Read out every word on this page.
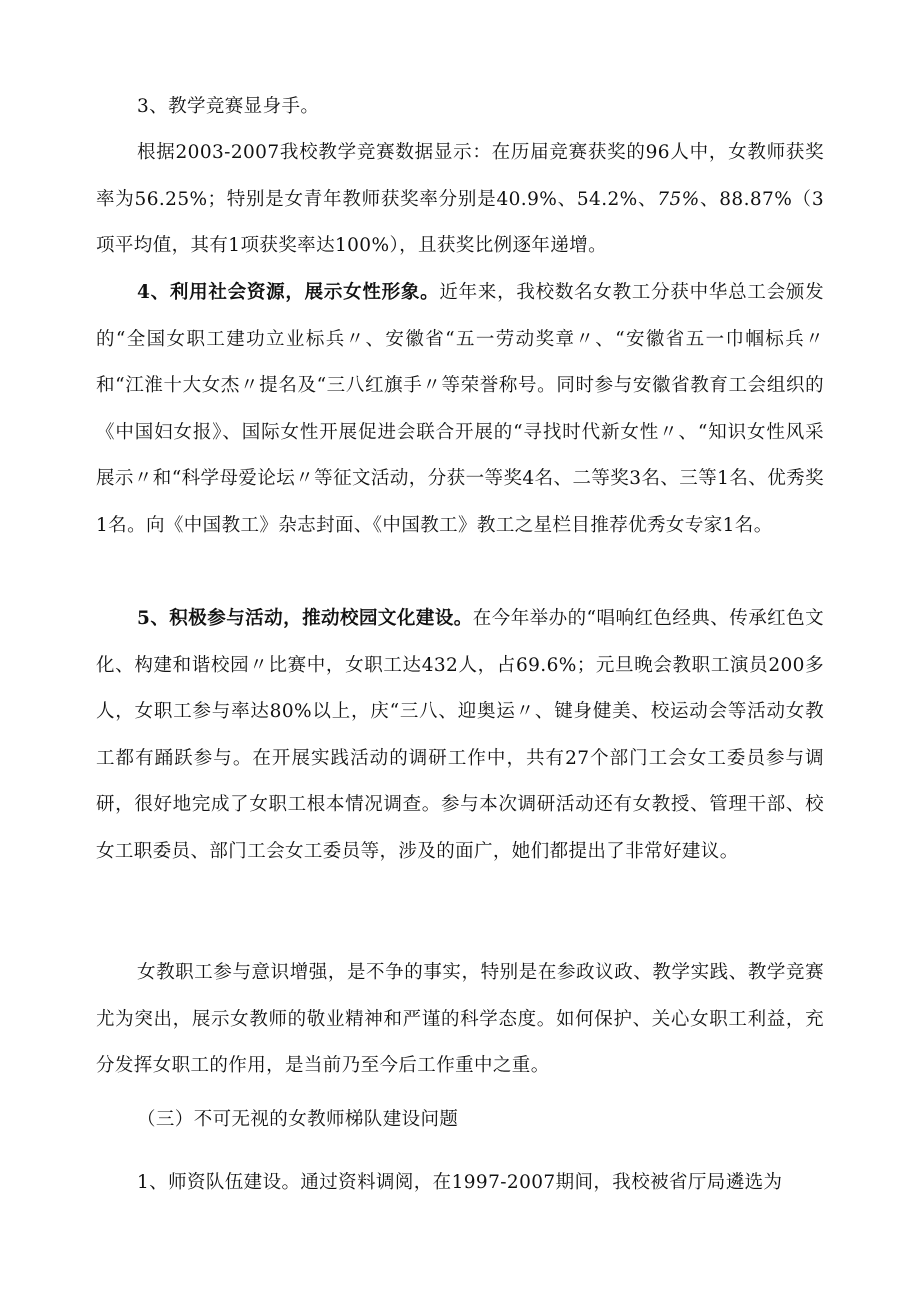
3、教学竞赛显身手。

根据2003-2007我校教学竞赛数据显示：在历届竞赛获奖的96人中，女教师获奖率为56.25%；特别是女青年教师获奖率分别是40.9%、54.2%、75%、88.87%（3项平均值，其有1项获奖率达100%），且获奖比例逐年递增。

4、利用社会资源，展示女性形象。近年来，我校数名女教工分获中华总工会颁发的“全国女职工建功立业标兵〃、安徽省“五一劳动奖章〃、“安徽省五一巾帼标兵〃和“江淮十大女杰〃提名及“三八红旗手〃等荣誉称号。同时参与安徽省教育工会组织的《中国妇女报》、国际女性开展促进会联合开展的“寻找时代新女性〃、“知识女性风采展示〃和“科学母爱论坛〃等征文活动，分获一等奖4名、二等奖3名、三等1名、优秀奖1名。向《中国教工》杂志封面、《中国教工》教工之星栏目推荐优秀女专家1名。

5、积极参与活动，推动校园文化建设。在今年举办的“唱响红色经典、传承红色文化、构建和谐校园〃比赛中，女职工达432人，占69.6%；元旦晚会教职工演员200多人，女职工参与率达80%以上，庆“三八、迎奥运〃、键身健美、校运动会等活动女教工都有踊跃参与。在开展实践活动的调研工作中，共有27个部门工会女工委员参与调研，很好地完成了女职工根本情况调查。参与本次调研活动还有女教授、管理干部、校女工职委员、部门工会女工委员等，涉及的面广，她们都提出了非常好建议。

女教职工参与意识增强，是不争的事实，特别是在参政议政、教学实践、教学竞赛尤为突出，展示女教师的敬业精神和严谨的科学态度。如何保护、关心女职工利益，充分发挥女职工的作用，是当前乃至今后工作重中之重。

（三）不可无视的女教师梯队建设问题

1、师资队伍建设。通过资料调阅，在1997-2007期间，我校被省厅局遴选为
